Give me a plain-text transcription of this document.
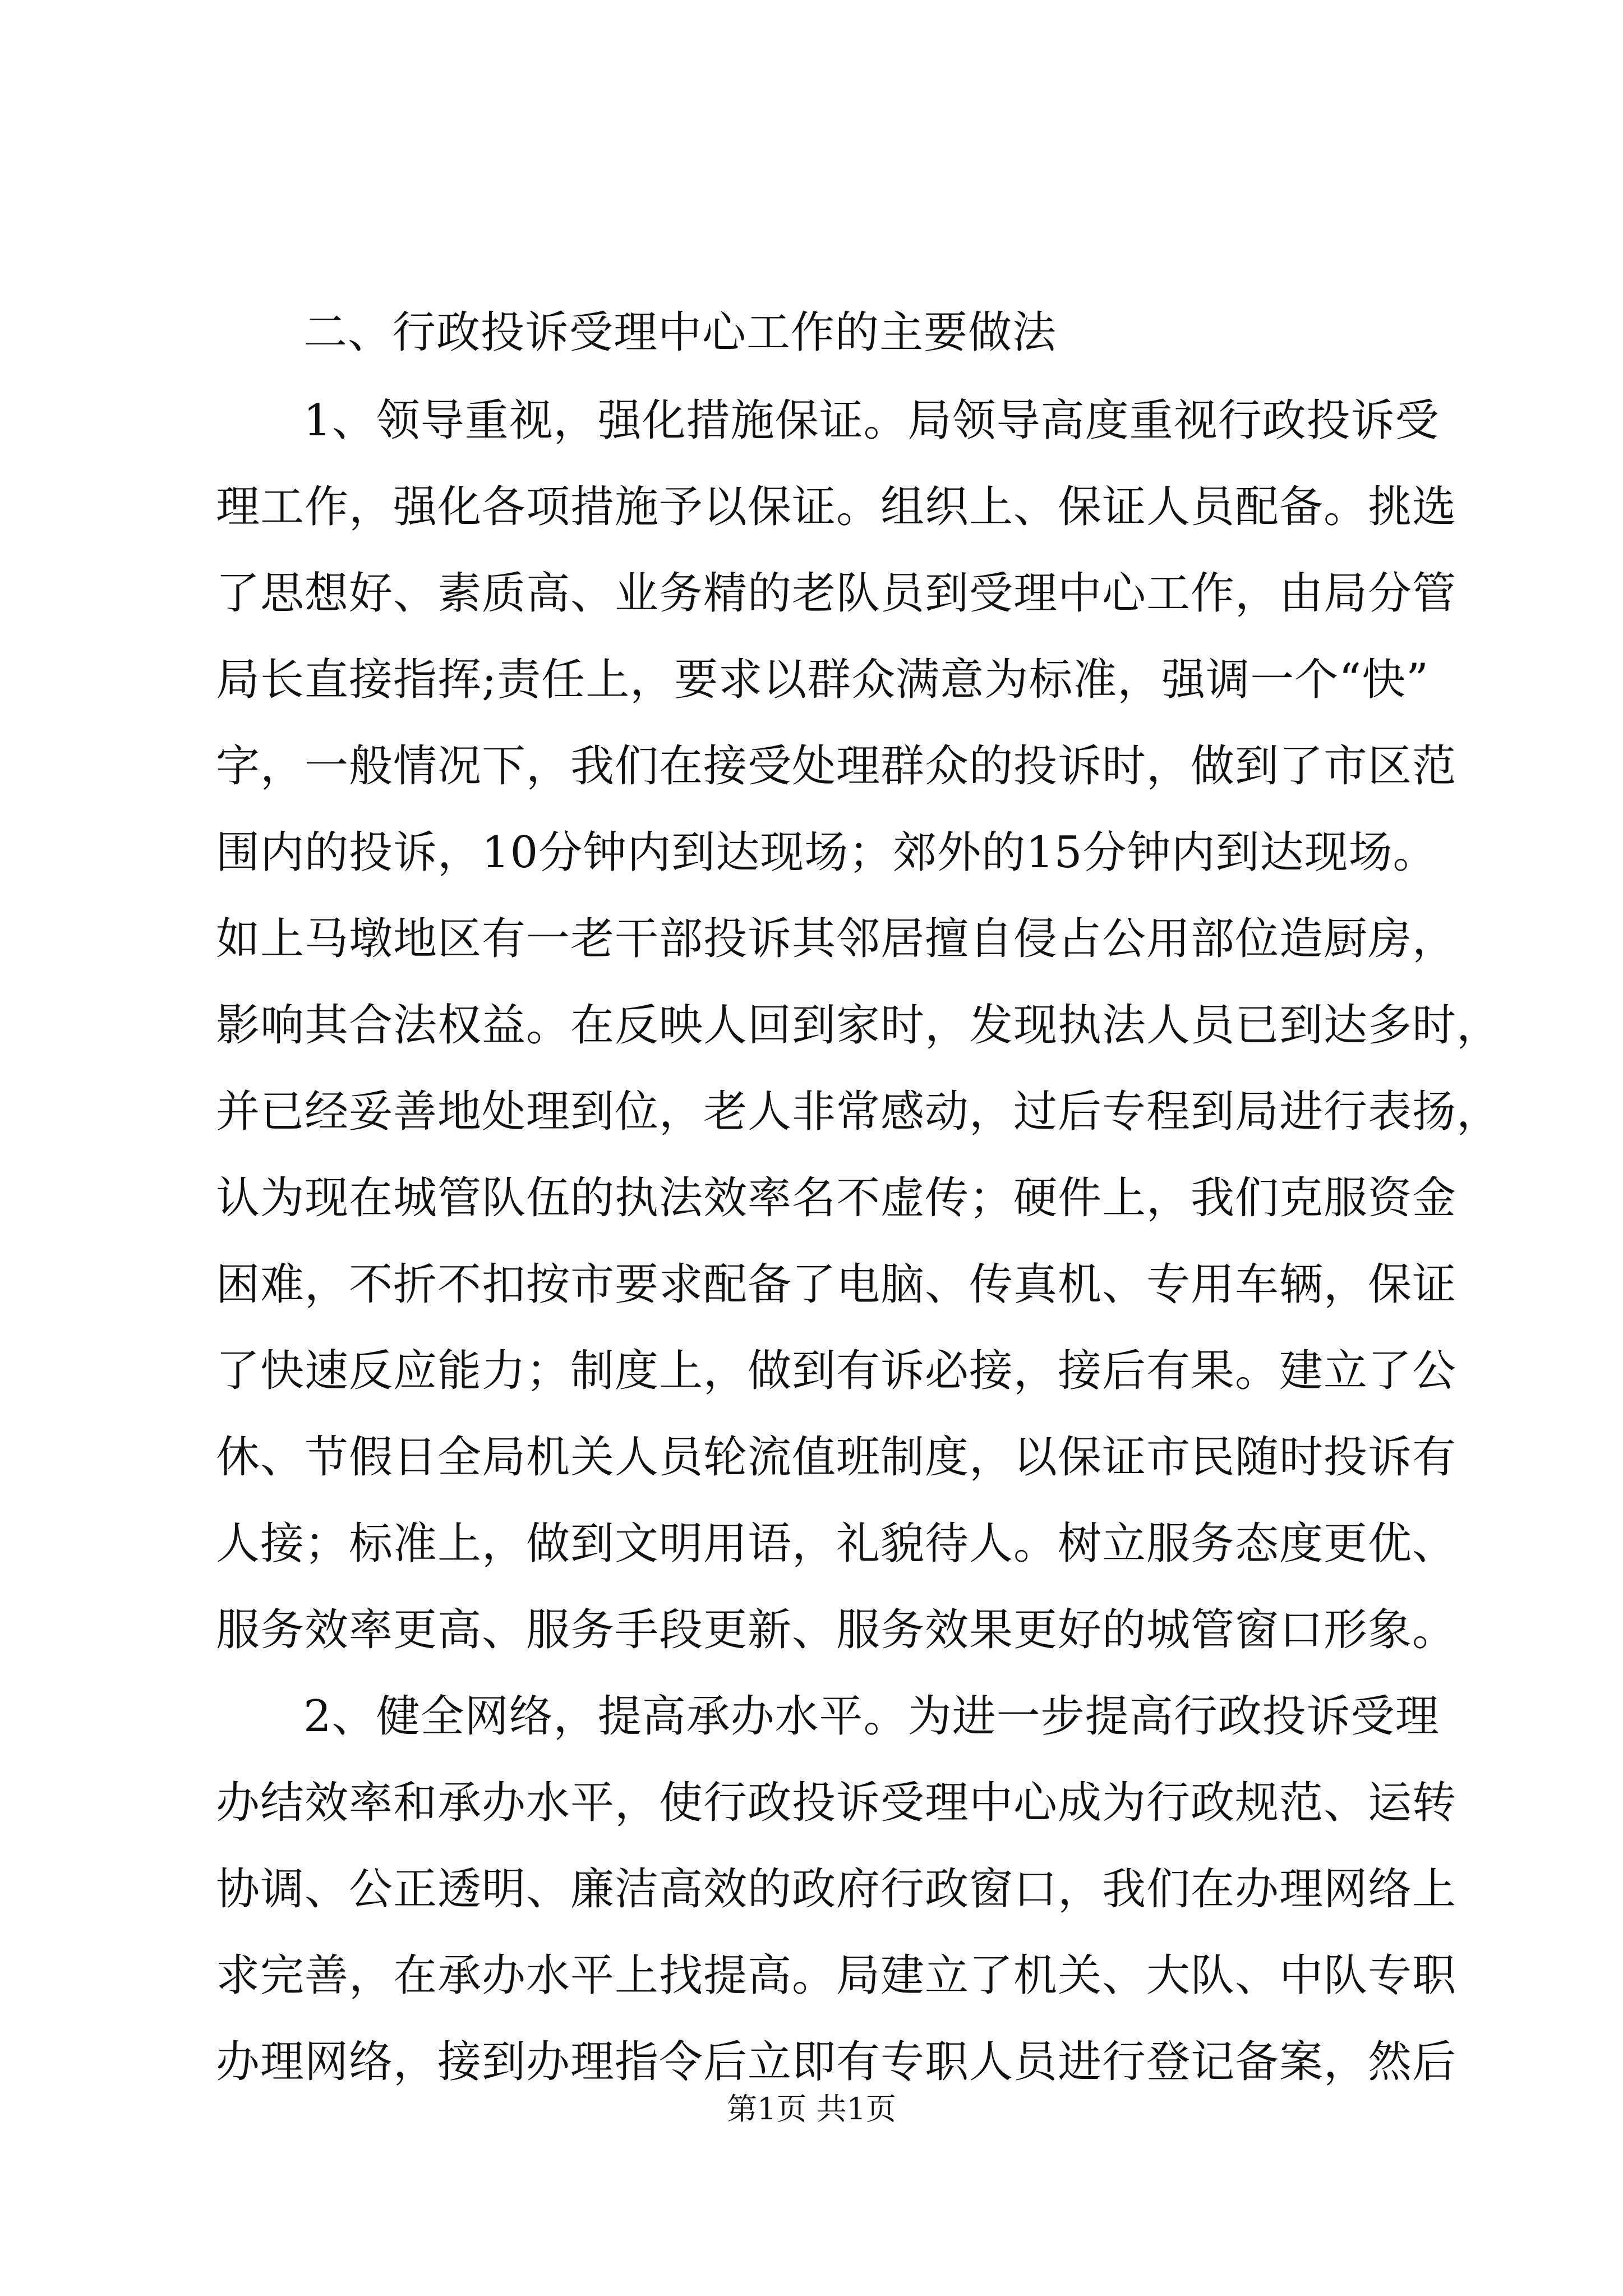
二、行政投诉受理中心工作的主要做法
1、领导重视，强化措施保证。局领导高度重视行政投诉受
理工作，强化各项措施予以保证。组织上、保证人员配备。挑选
了思想好、素质高、业务精的老队员到受理中心工作，由局分管
局长直接指挥;责任上，要求以群众满意为标准，强调一个“快”
字，一般情况下，我们在接受处理群众的投诉时，做到了市区范
围内的投诉，10分钟内到达现场；郊外的15分钟内到达现场。
如上马墩地区有一老干部投诉其邻居擅自侵占公用部位造厨房，
影响其合法权益。在反映人回到家时，发现执法人员已到达多时，
并已经妥善地处理到位，老人非常感动，过后专程到局进行表扬，
认为现在城管队伍的执法效率名不虚传；硬件上，我们克服资金
困难，不折不扣按市要求配备了电脑、传真机、专用车辆，保证
了快速反应能力；制度上，做到有诉必接，接后有果。建立了公
休、节假日全局机关人员轮流值班制度，以保证市民随时投诉有
人接；标准上，做到文明用语，礼貌待人。树立服务态度更优、
服务效率更高、服务手段更新、服务效果更好的城管窗口形象。
2、健全网络，提高承办水平。为进一步提高行政投诉受理
办结效率和承办水平，使行政投诉受理中心成为行政规范、运转
协调、公正透明、廉洁高效的政府行政窗口，我们在办理网络上
求完善，在承办水平上找提高。局建立了机关、大队、中队专职
办理网络，接到办理指令后立即有专职人员进行登记备案，然后
第1页 共1页
